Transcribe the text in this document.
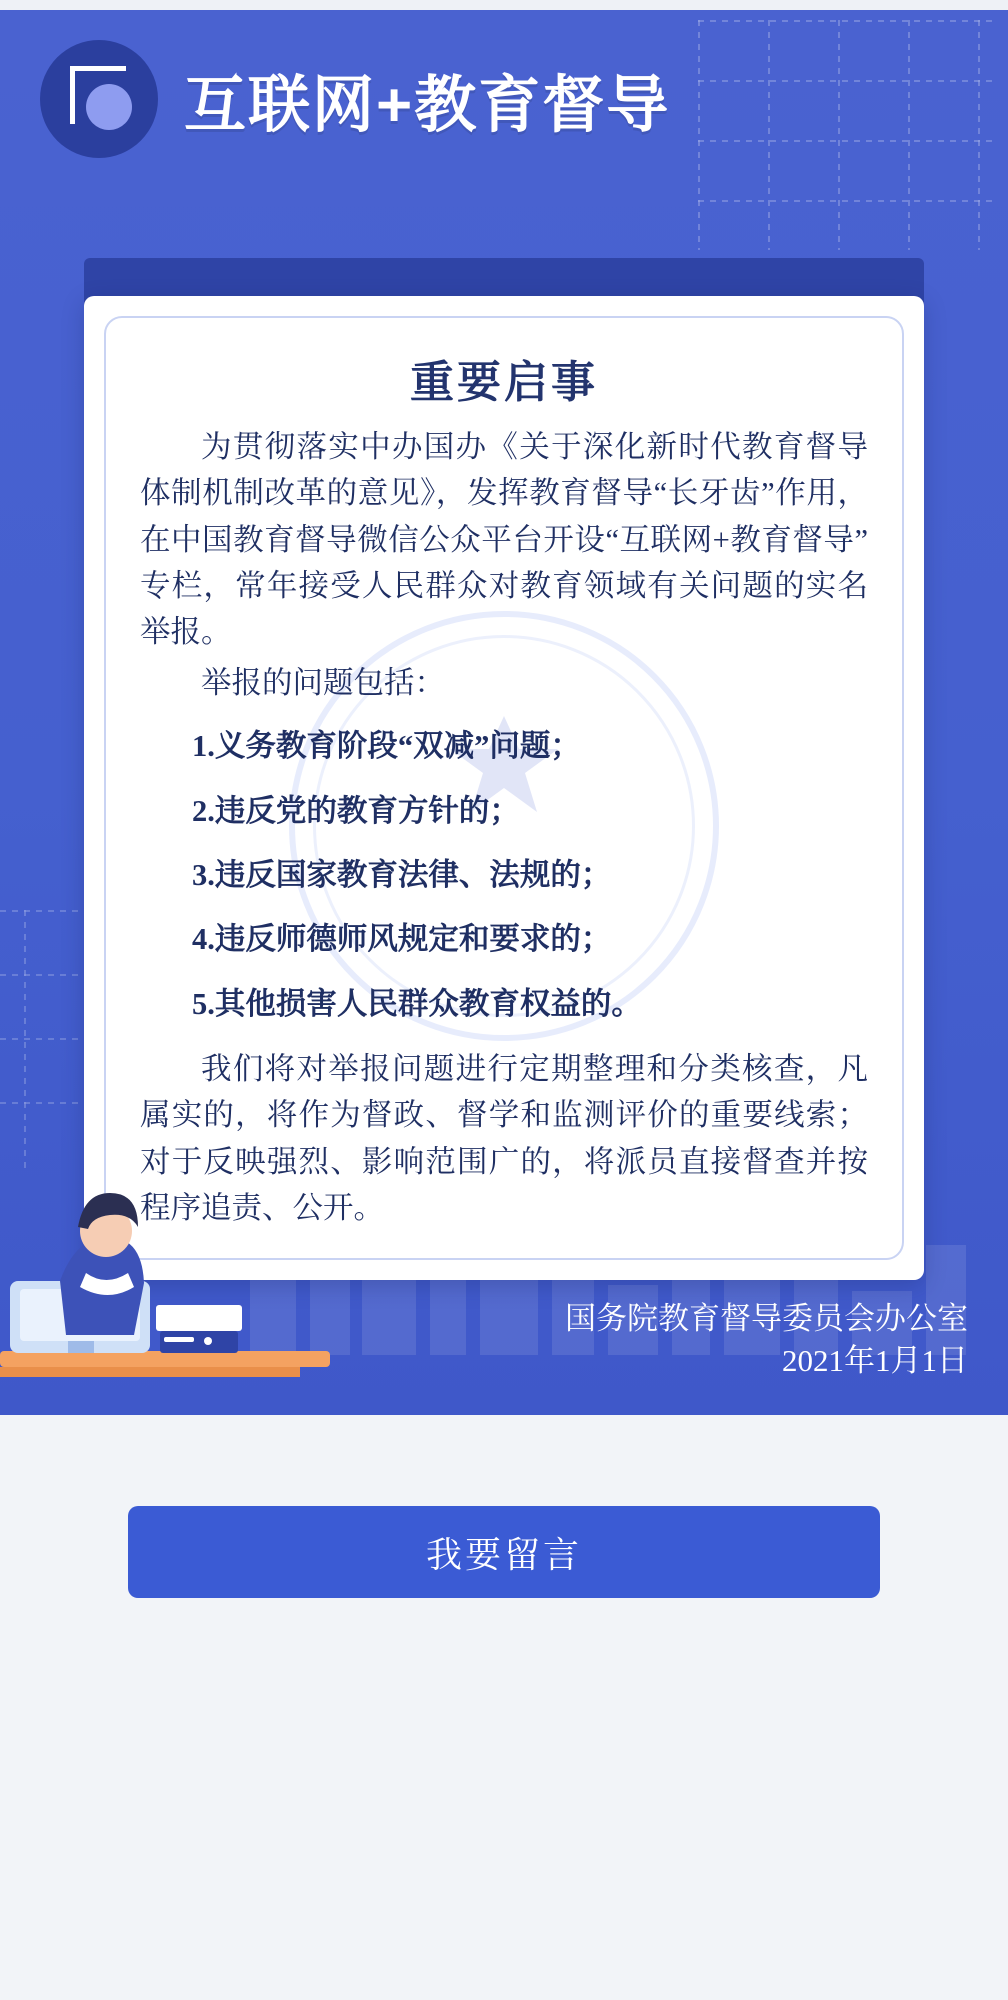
互联网+教育督导
重要启事

为贯彻落实中办国办《关于深化新时代教育督导体制机制改革的意见》，发挥教育督导“长牙齿”作用，在中国教育督导微信公众平台开设“互联网+教育督导”专栏，常年接受人民群众对教育领域有关问题的实名举报。

举报的问题包括：

1.义务教育阶段“双减”问题；
2.违反党的教育方针的；
3.违反国家教育法律、法规的；
4.违反师德师风规定和要求的；
5.其他损害人民群众教育权益的。

我们将对举报问题进行定期整理和分类核查，凡属实的，将作为督政、督学和监测评价的重要线索；对于反映强烈、影响范围广的，将派员直接督查并按程序追责、公开。

国务院教育督导委员会办公室
2021年1月1日
我要留言
